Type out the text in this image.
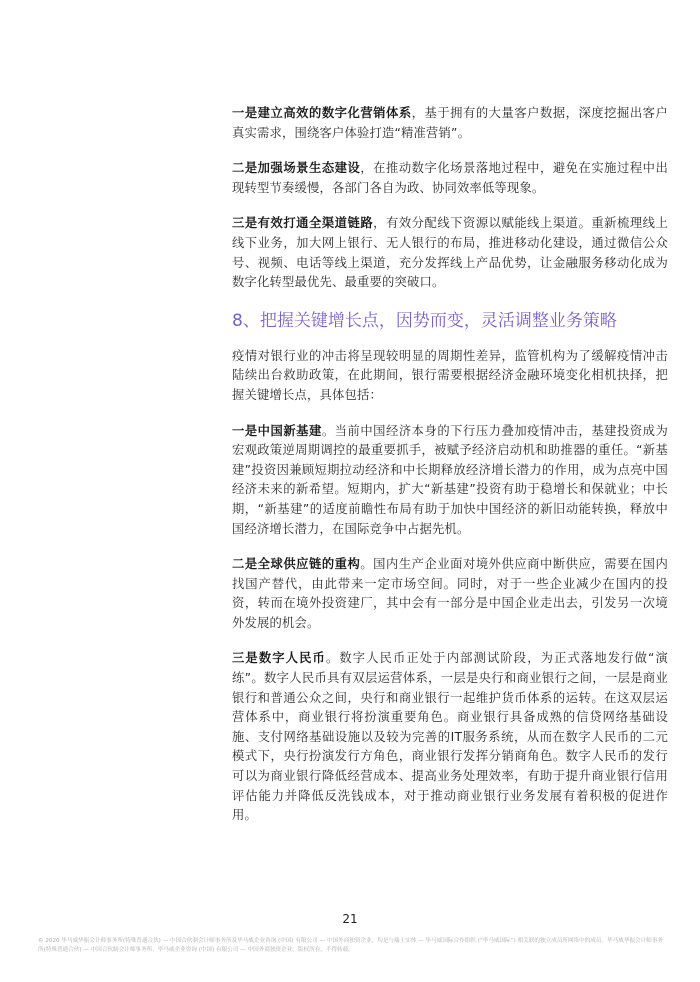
一是建立高效的数字化营销体系，基于拥有的大量客户数据，深度挖掘出客户真实需求，围绕客户体验打造“精准营销”。

二是加强场景生态建设，在推动数字化场景落地过程中，避免在实施过程中出现转型节奏缓慢，各部门各自为政、协同效率低等现象。

三是有效打通全渠道链路，有效分配线下资源以赋能线上渠道。重新梳理线上线下业务，加大网上银行、无人银行的布局，推进移动化建设，通过微信公众号、视频、电话等线上渠道，充分发挥线上产品优势，让金融服务移动化成为数字化转型最优先、最重要的突破口。

8、把握关键增长点，因势而变，灵活调整业务策略

疫情对银行业的冲击将呈现较明显的周期性差异，监管机构为了缓解疫情冲击陆续出台救助政策，在此期间，银行需要根据经济金融环境变化相机抉择，把握关键增长点，具体包括：

一是中国新基建。当前中国经济本身的下行压力叠加疫情冲击，基建投资成为宏观政策逆周期调控的最重要抓手，被赋予经济启动机和助推器的重任。“新基建”投资因兼顾短期拉动经济和中长期释放经济增长潜力的作用，成为点亮中国经济未来的新希望。短期内，扩大“新基建”投资有助于稳增长和保就业；中长期，“新基建”的适度前瞻性布局有助于加快中国经济的新旧动能转换，释放中国经济增长潜力，在国际竞争中占据先机。

二是全球供应链的重构。国内生产企业面对境外供应商中断供应，需要在国内找国产替代，由此带来一定市场空间。同时，对于一些企业减少在国内的投资，转而在境外投资建厂，其中会有一部分是中国企业走出去，引发另一次境外发展的机会。

三是数字人民币。数字人民币正处于内部测试阶段，为正式落地发行做“演练”。数字人民币具有双层运营体系，一层是央行和商业银行之间，一层是商业银行和普通公众之间，央行和商业银行一起维护货币体系的运转。在这双层运营体系中，商业银行将扮演重要角色。商业银行具备成熟的信贷网络基础设施、支付网络基础设施以及较为完善的IT服务系统，从而在数字人民币的二元模式下，央行扮演发行方角色，商业银行发挥分销商角色。数字人民币的发行可以为商业银行降低经营成本、提高业务处理效率，有助于提升商业银行信用评估能力并降低反洗钱成本，对于推动商业银行业务发展有着积极的促进作用。

21
© 2020 毕马威华振会计师事务所(特殊普通合伙) — 中国合伙制会计师事务所及毕马威企业咨询 (中国) 有限公司 — 中国外商独资企业，均是与瑞士实体 — 毕马威国际合作组织 (“毕马威国际”) 相关联的独立成员所网络中的成员。毕马威华振会计师事务所(特殊普通合伙) — 中国合伙制会计师事务所，毕马威企业咨询 (中国) 有限公司 — 中国外商独资企业。版权所有，不得转载。
